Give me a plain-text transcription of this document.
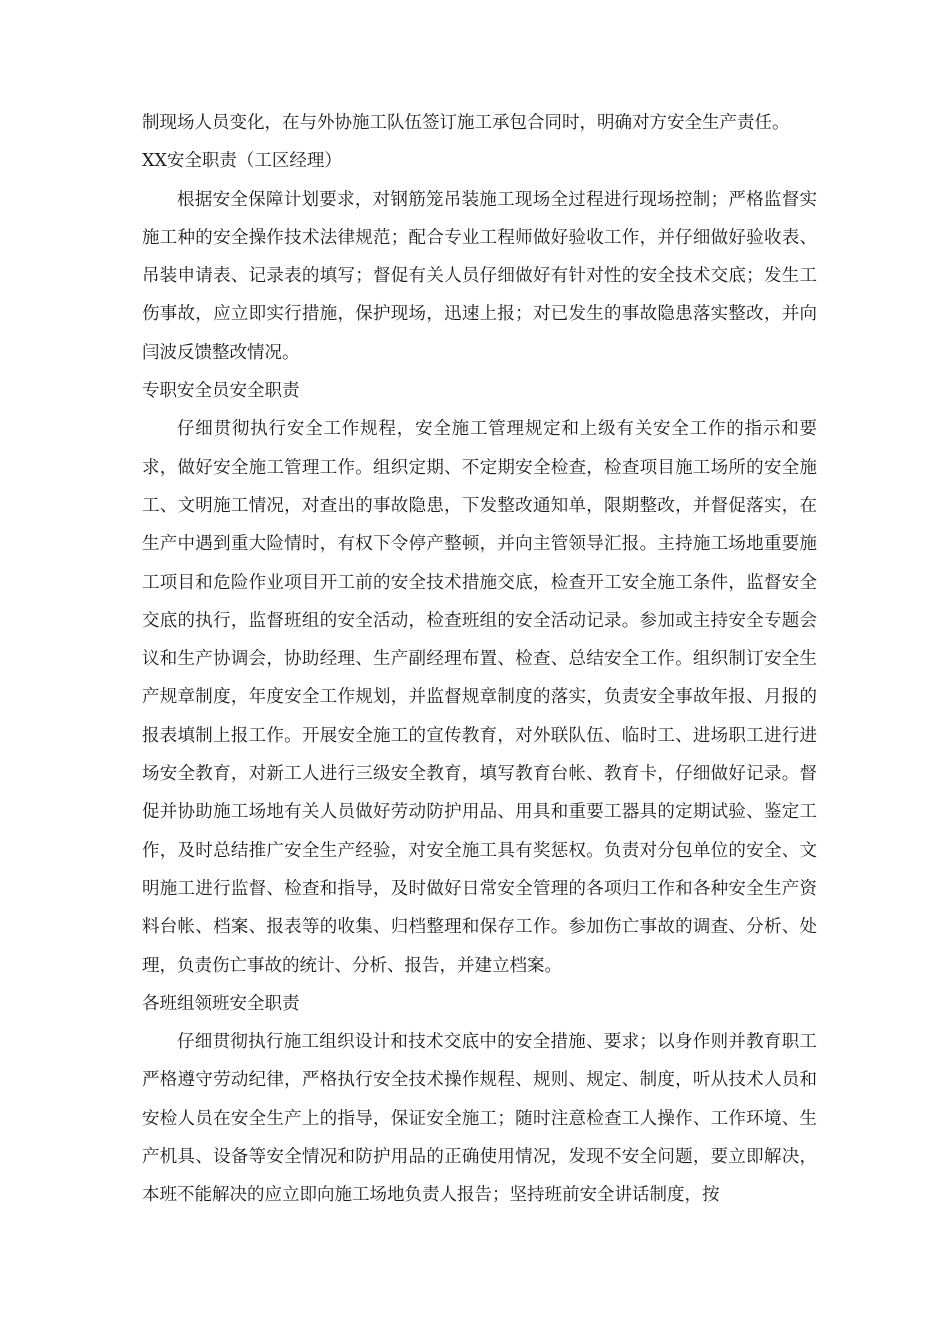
制现场人员变化，在与外协施工队伍签订施工承包合同时，明确对方安全生产责任。

XX安全职责（工区经理）

根据安全保障计划要求，对钢筋笼吊装施工现场全过程进行现场控制；严格监督实施工种的安全操作技术法律规范；配合专业工程师做好验收工作，并仔细做好验收表、吊装申请表、记录表的填写；督促有关人员仔细做好有针对性的安全技术交底；发生工伤事故，应立即实行措施，保护现场，迅速上报；对已发生的事故隐患落实整改，并向闫波反馈整改情况。

专职安全员安全职责

仔细贯彻执行安全工作规程，安全施工管理规定和上级有关安全工作的指示和要求，做好安全施工管理工作。组织定期、不定期安全检查，检查项目施工场所的安全施工、文明施工情况，对查出的事故隐患，下发整改通知单，限期整改，并督促落实，在生产中遇到重大险情时，有权下令停产整顿，并向主管领导汇报。主持施工场地重要施工项目和危险作业项目开工前的安全技术措施交底，检查开工安全施工条件，监督安全交底的执行，监督班组的安全活动，检查班组的安全活动记录。参加或主持安全专题会议和生产协调会，协助经理、生产副经理布置、检查、总结安全工作。组织制订安全生产规章制度，年度安全工作规划，并监督规章制度的落实，负责安全事故年报、月报的报表填制上报工作。开展安全施工的宣传教育，对外联队伍、临时工、进场职工进行进场安全教育，对新工人进行三级安全教育，填写教育台帐、教育卡，仔细做好记录。督促并协助施工场地有关人员做好劳动防护用品、用具和重要工器具的定期试验、鉴定工作，及时总结推广安全生产经验，对安全施工具有奖惩权。负责对分包单位的安全、文明施工进行监督、检查和指导，及时做好日常安全管理的各项归工作和各种安全生产资料台帐、档案、报表等的收集、归档整理和保存工作。参加伤亡事故的调查、分析、处理，负责伤亡事故的统计、分析、报告，并建立档案。

各班组领班安全职责

仔细贯彻执行施工组织设计和技术交底中的安全措施、要求；以身作则并教育职工严格遵守劳动纪律，严格执行安全技术操作规程、规则、规定、制度，听从技术人员和安检人员在安全生产上的指导，保证安全施工；随时注意检查工人操作、工作环境、生产机具、设备等安全情况和防护用品的正确使用情况，发现不安全问题，要立即解决，本班不能解决的应立即向施工场地负责人报告；坚持班前安全讲话制度，按
